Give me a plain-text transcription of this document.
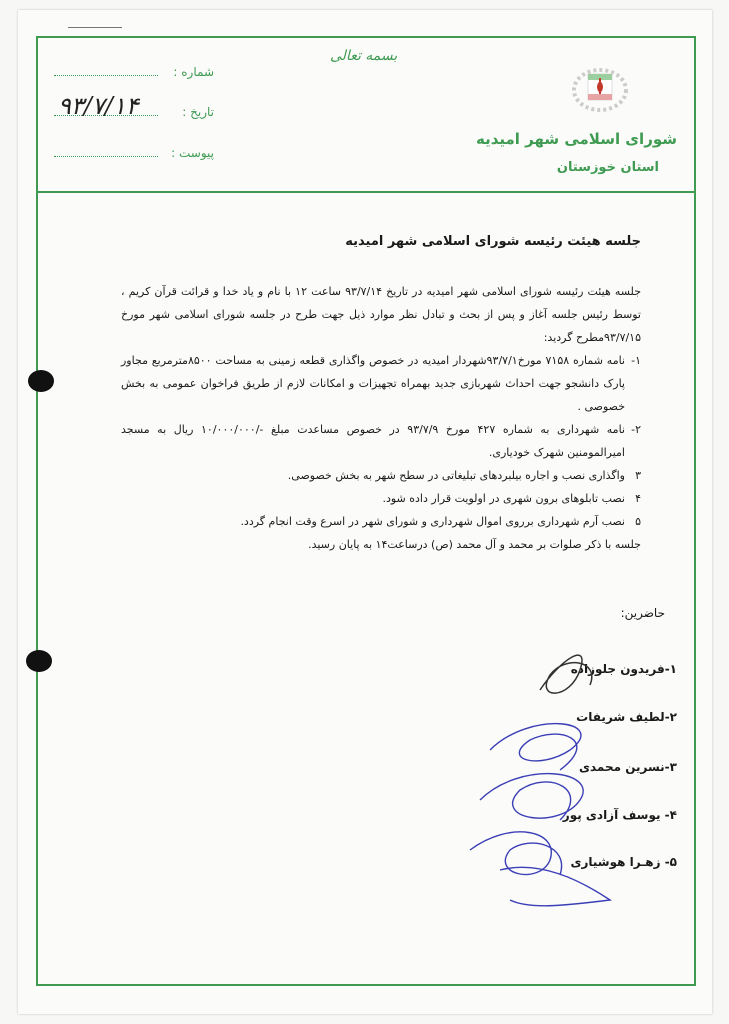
شماره :
تاریخ :
۹۳/۷/۱۴
پیوست :
بسمه تعالی
شورای اسلامی شهر امیدیه
استان خوزستان
جلسه هیئت رئیسه شورای اسلامی شهر امیدیه

جلسه هیئت رئیسه شورای اسلامی شهر امیدیه در تاریخ ۹۳/۷/۱۴ ساعت ۱۲ با نام و یاد خدا و قرائت قرآن کریم ، توسط رئیس جلسه آغاز و پس از بحث و تبادل نظر موارد ذیل جهت طرح در جلسه شورای اسلامی شهر مورخ ۹۳/۷/۱۵مطرح گردید:

۱-
نامه شماره ۷۱۵۸ مورخ۹۳/۷/۱شهردار امیدیه در خصوص واگذاری قطعه زمینی به مساحت ۸۵۰۰مترمربع مجاور پارک دانشجو جهت احداث شهربازی جدید بهمراه تجهیزات و امکانات لازم از طریق فراخوان عمومی به بخش خصوصی .
۲-
نامه شهرداری به شماره ۴۲۷ مورخ ۹۳/۷/۹ در خصوص مساعدت مبلغ -/۱۰/۰۰۰/۰۰۰ ریال به مسجد امیرالمومنین شهرک خودیاری.
۳
واگذاری نصب و اجاره بیلبردهای تبلیغاتی در سطح شهر به بخش خصوصی.
۴
نصب تابلوهای برون شهری در اولویت قرار داده شود.
۵
نصب آرم شهرداری برروی اموال شهرداری و شورای شهر در اسرع وقت انجام گردد.

جلسه با ذکر صلوات بر محمد و آل محمد (ص) درساعت۱۴ به پایان رسید.

حاضرین:
۱-فریدون جلوزاده
۲-لطیف شریفات
۳-نسرین محمدی
۴- یوسف آزادی پور
۵- زهـرا هوشیاری
